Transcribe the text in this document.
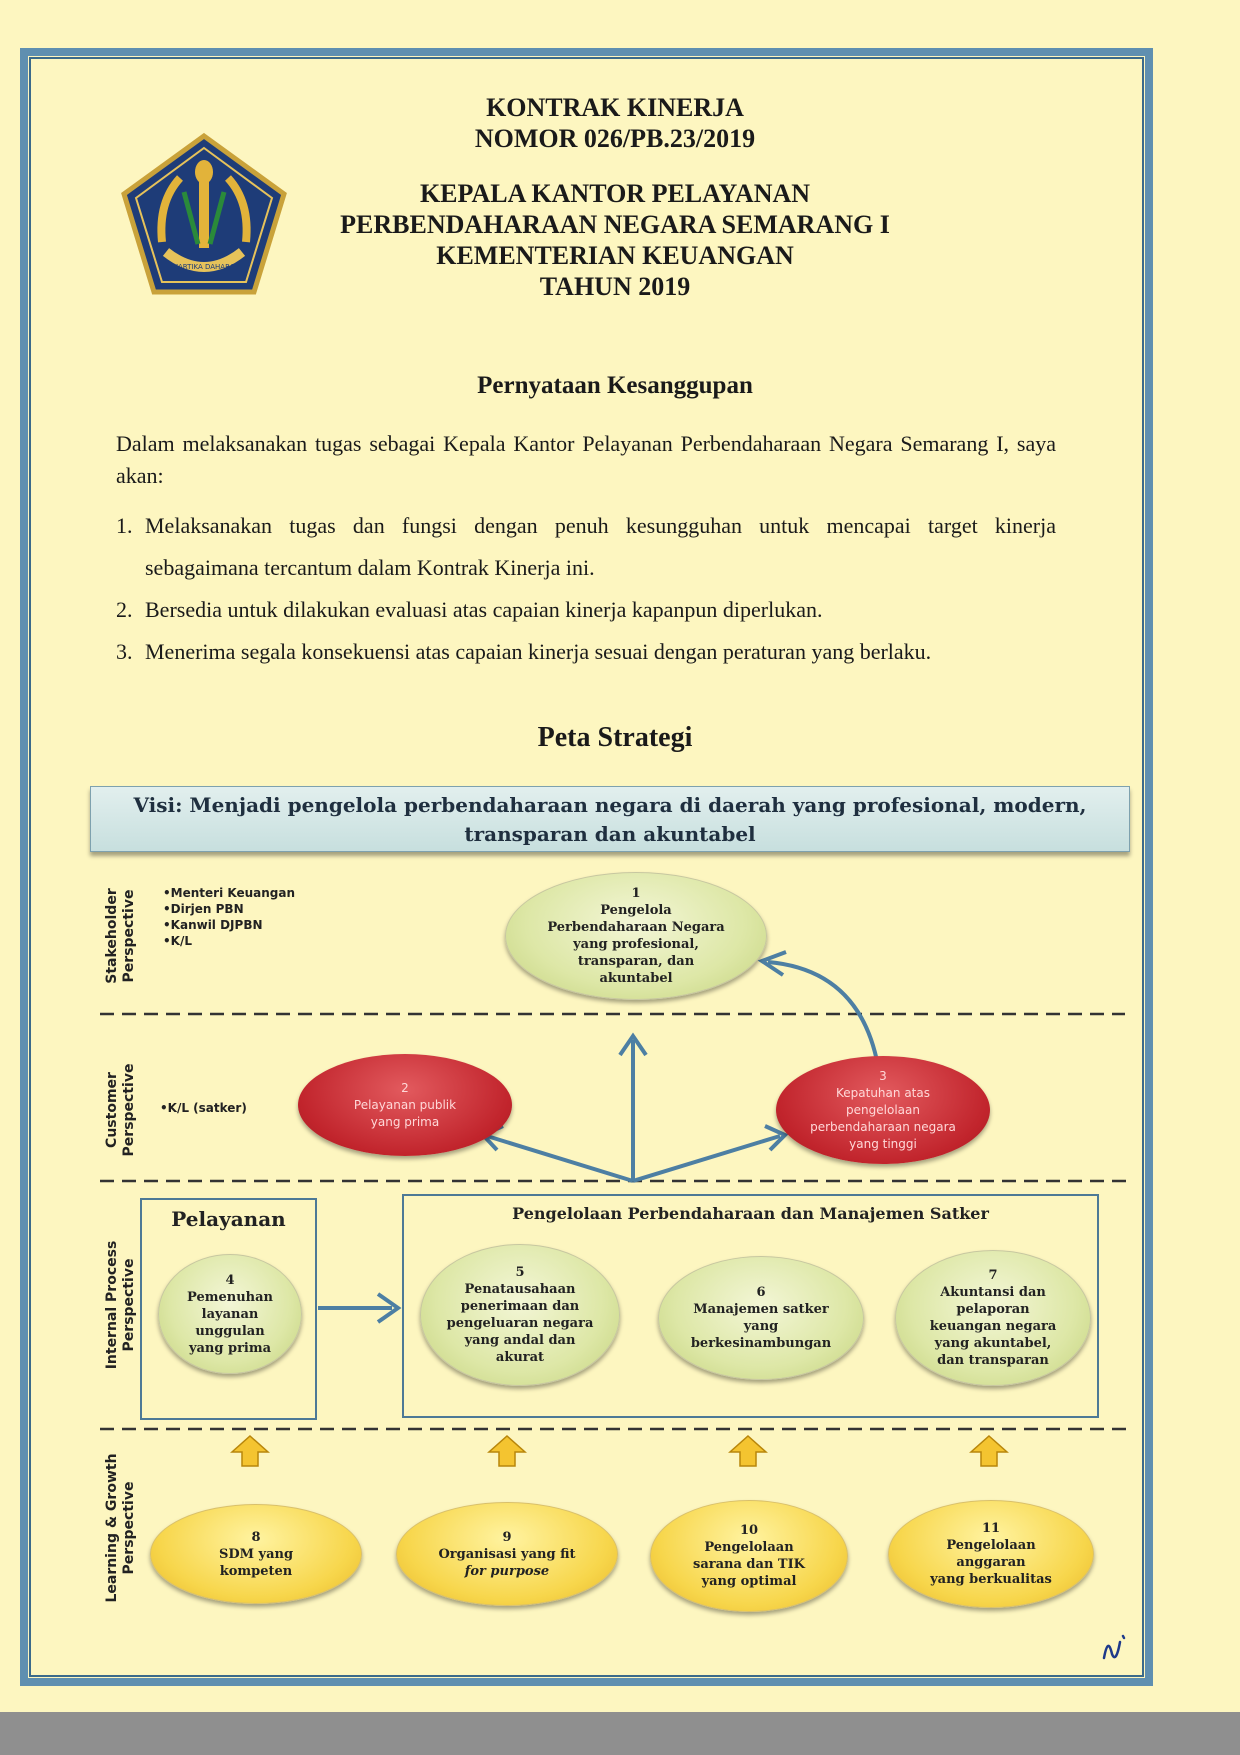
KARTIKA DAHARA
KONTRAK KINERJA
NOMOR 026/PB.23/2019
KEPALA KANTOR PELAYANAN
PERBENDAHARAAN NEGARA SEMARANG I
KEMENTERIAN KEUANGAN
TAHUN 2019
Pernyataan Kesanggupan
Dalam melaksanakan tugas sebagai Kepala Kantor Pelayanan Perbendaharaan Negara Semarang I, saya akan:
1. Melaksanakan tugas dan fungsi dengan penuh kesungguhan untuk mencapai target kinerja sebagaimana tercantum dalam Kontrak Kinerja ini.
2. Bersedia untuk dilakukan evaluasi atas capaian kinerja kapanpun diperlukan.
3. Menerima segala konsekuensi atas capaian kinerja sesuai dengan peraturan yang berlaku.
Peta Strategi
Visi: Menjadi pengelola perbendaharaan negara di daerah yang profesional, modern,
transparan dan akuntabel
Stakeholder
Perspective
Customer
Perspective
Internal Process
Perspective
Learning & Growth
Perspective
•Menteri Keuangan
•Dirjen PBN
•Kanwil DJPBN
•K/L
•K/L (satker)
Pelayanan	Pengelolaan Perbendaharaan dan Manajemen Satker
1
Pengelola
Perbendaharaan Negara
yang profesional,
transparan, dan
akuntabel
2
Pelayanan publik
yang prima
3
Kepatuhan atas
pengelolaan
perbendaharaan negara
yang tinggi
4
Pemenuhan
layanan
unggulan
yang prima
5
Penatausahaan
penerimaan dan
pengeluaran negara
yang andal dan
akurat
6
Manajemen satker
yang
berkesinambungan
7
Akuntansi dan
pelaporan
keuangan negara
yang akuntabel,
dan transparan
8
SDM yang
kompeten
9
Organisasi yang fit
for purpose
10
Pengelolaan
sarana dan TIK
yang optimal
11
Pengelolaan
anggaran
yang berkualitas
